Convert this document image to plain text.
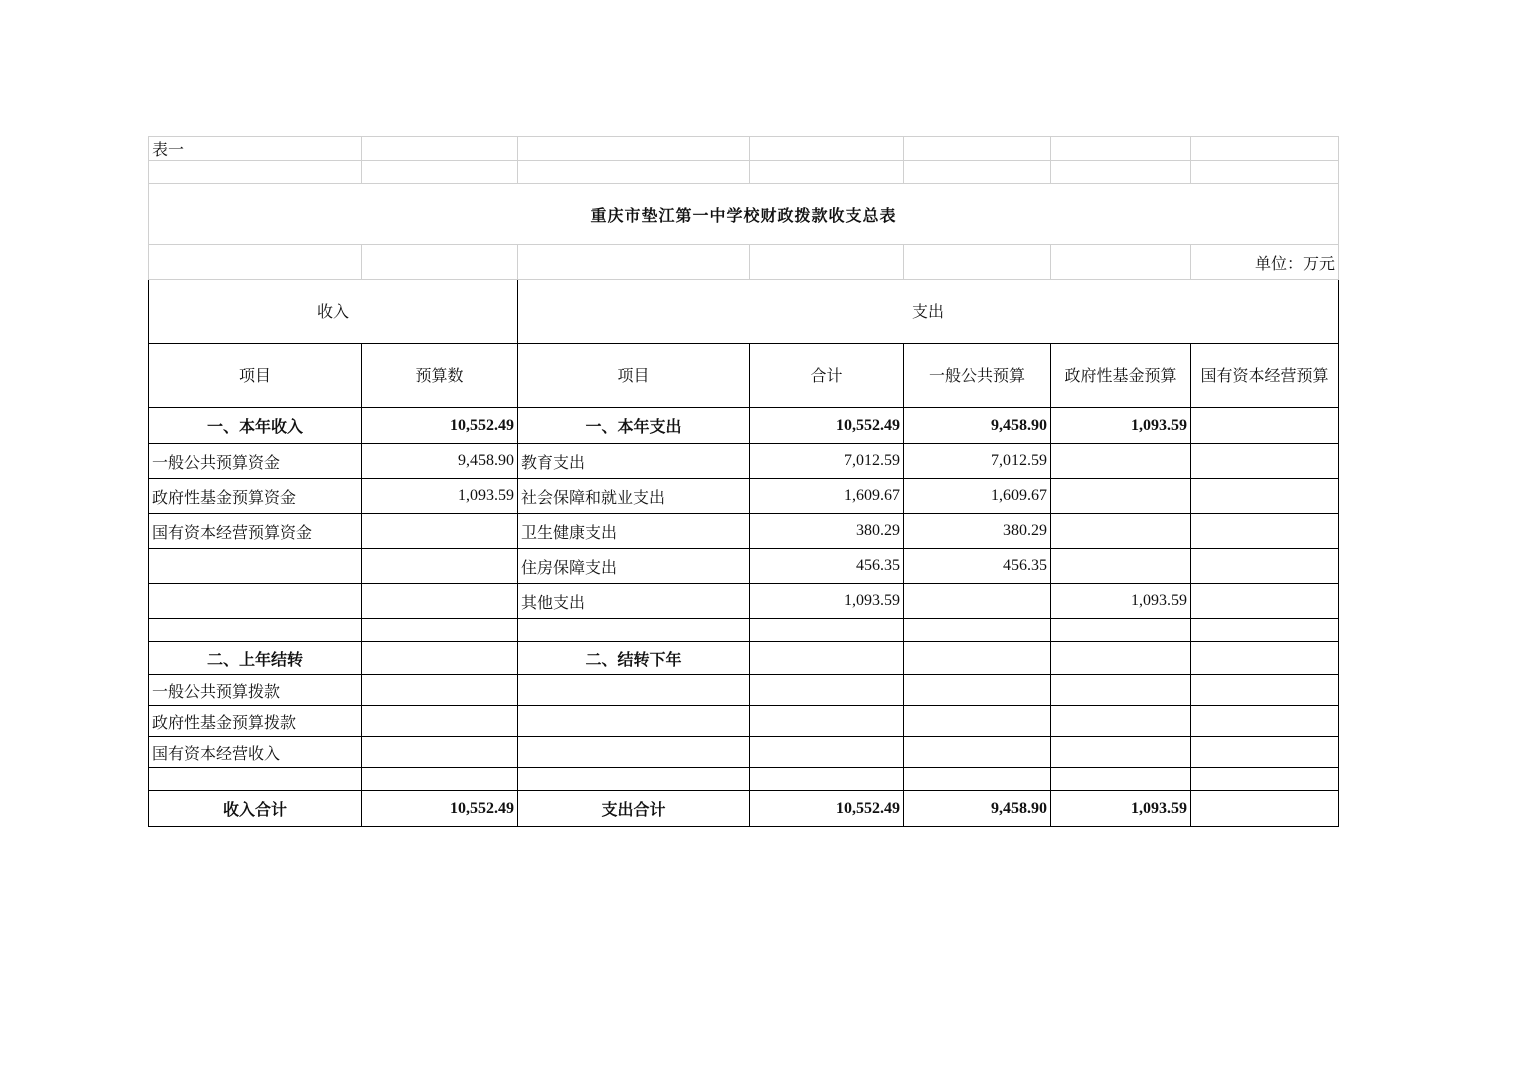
表一						

重庆市垫江第一中学校财政拨款收支总表						
						单位：万元
收入		支出				
项目	预算数	项目	合计	一般公共预算	政府性基金预算	国有资本经营预算
一、本年收入	10,552.49	一、本年支出	10,552.49	9,458.90	1,093.59	
一般公共预算资金	9,458.90	教育支出	7,012.59	7,012.59		
政府性基金预算资金	1,093.59	社会保障和就业支出	1,609.67	1,609.67		
国有资本经营预算资金		卫生健康支出	380.29	380.29		
		住房保障支出	456.35	456.35		
		其他支出	1,093.59		1,093.59	

二、上年结转		二、结转下年				
一般公共预算拨款						
政府性基金预算拨款						
国有资本经营收入						

收入合计	10,552.49	支出合计	10,552.49	9,458.90	1,093.59	
